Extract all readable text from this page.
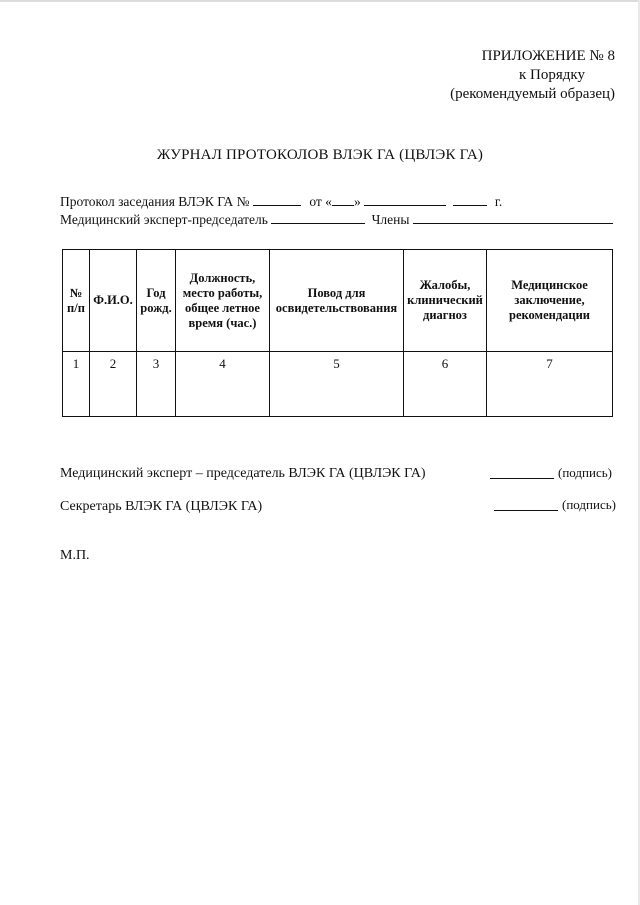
ПРИЛОЖЕНИЕ № 8
к Порядку
(рекомендуемый образец)
ЖУРНАЛ ПРОТОКОЛОВ ВЛЭК ГА (ЦВЛЭК ГА)
Протокол заседания ВЛЭК ГА №	от « »	г.
Медицинский эксперт-председатель	Члены
№ п/п	Ф.И.О.	Год рожд.	Должность, место работы, общее летное время (час.)	Повод для освидетельствования	Жалобы, клинический диагноз	Медицинское заключение, рекомендации
1	2	3	4	5	6	7
Медицинский эксперт – председатель ВЛЭК ГА (ЦВЛЭК ГА)	(подпись)
Секретарь ВЛЭК ГА (ЦВЛЭК ГА)	(подпись)
М.П.
